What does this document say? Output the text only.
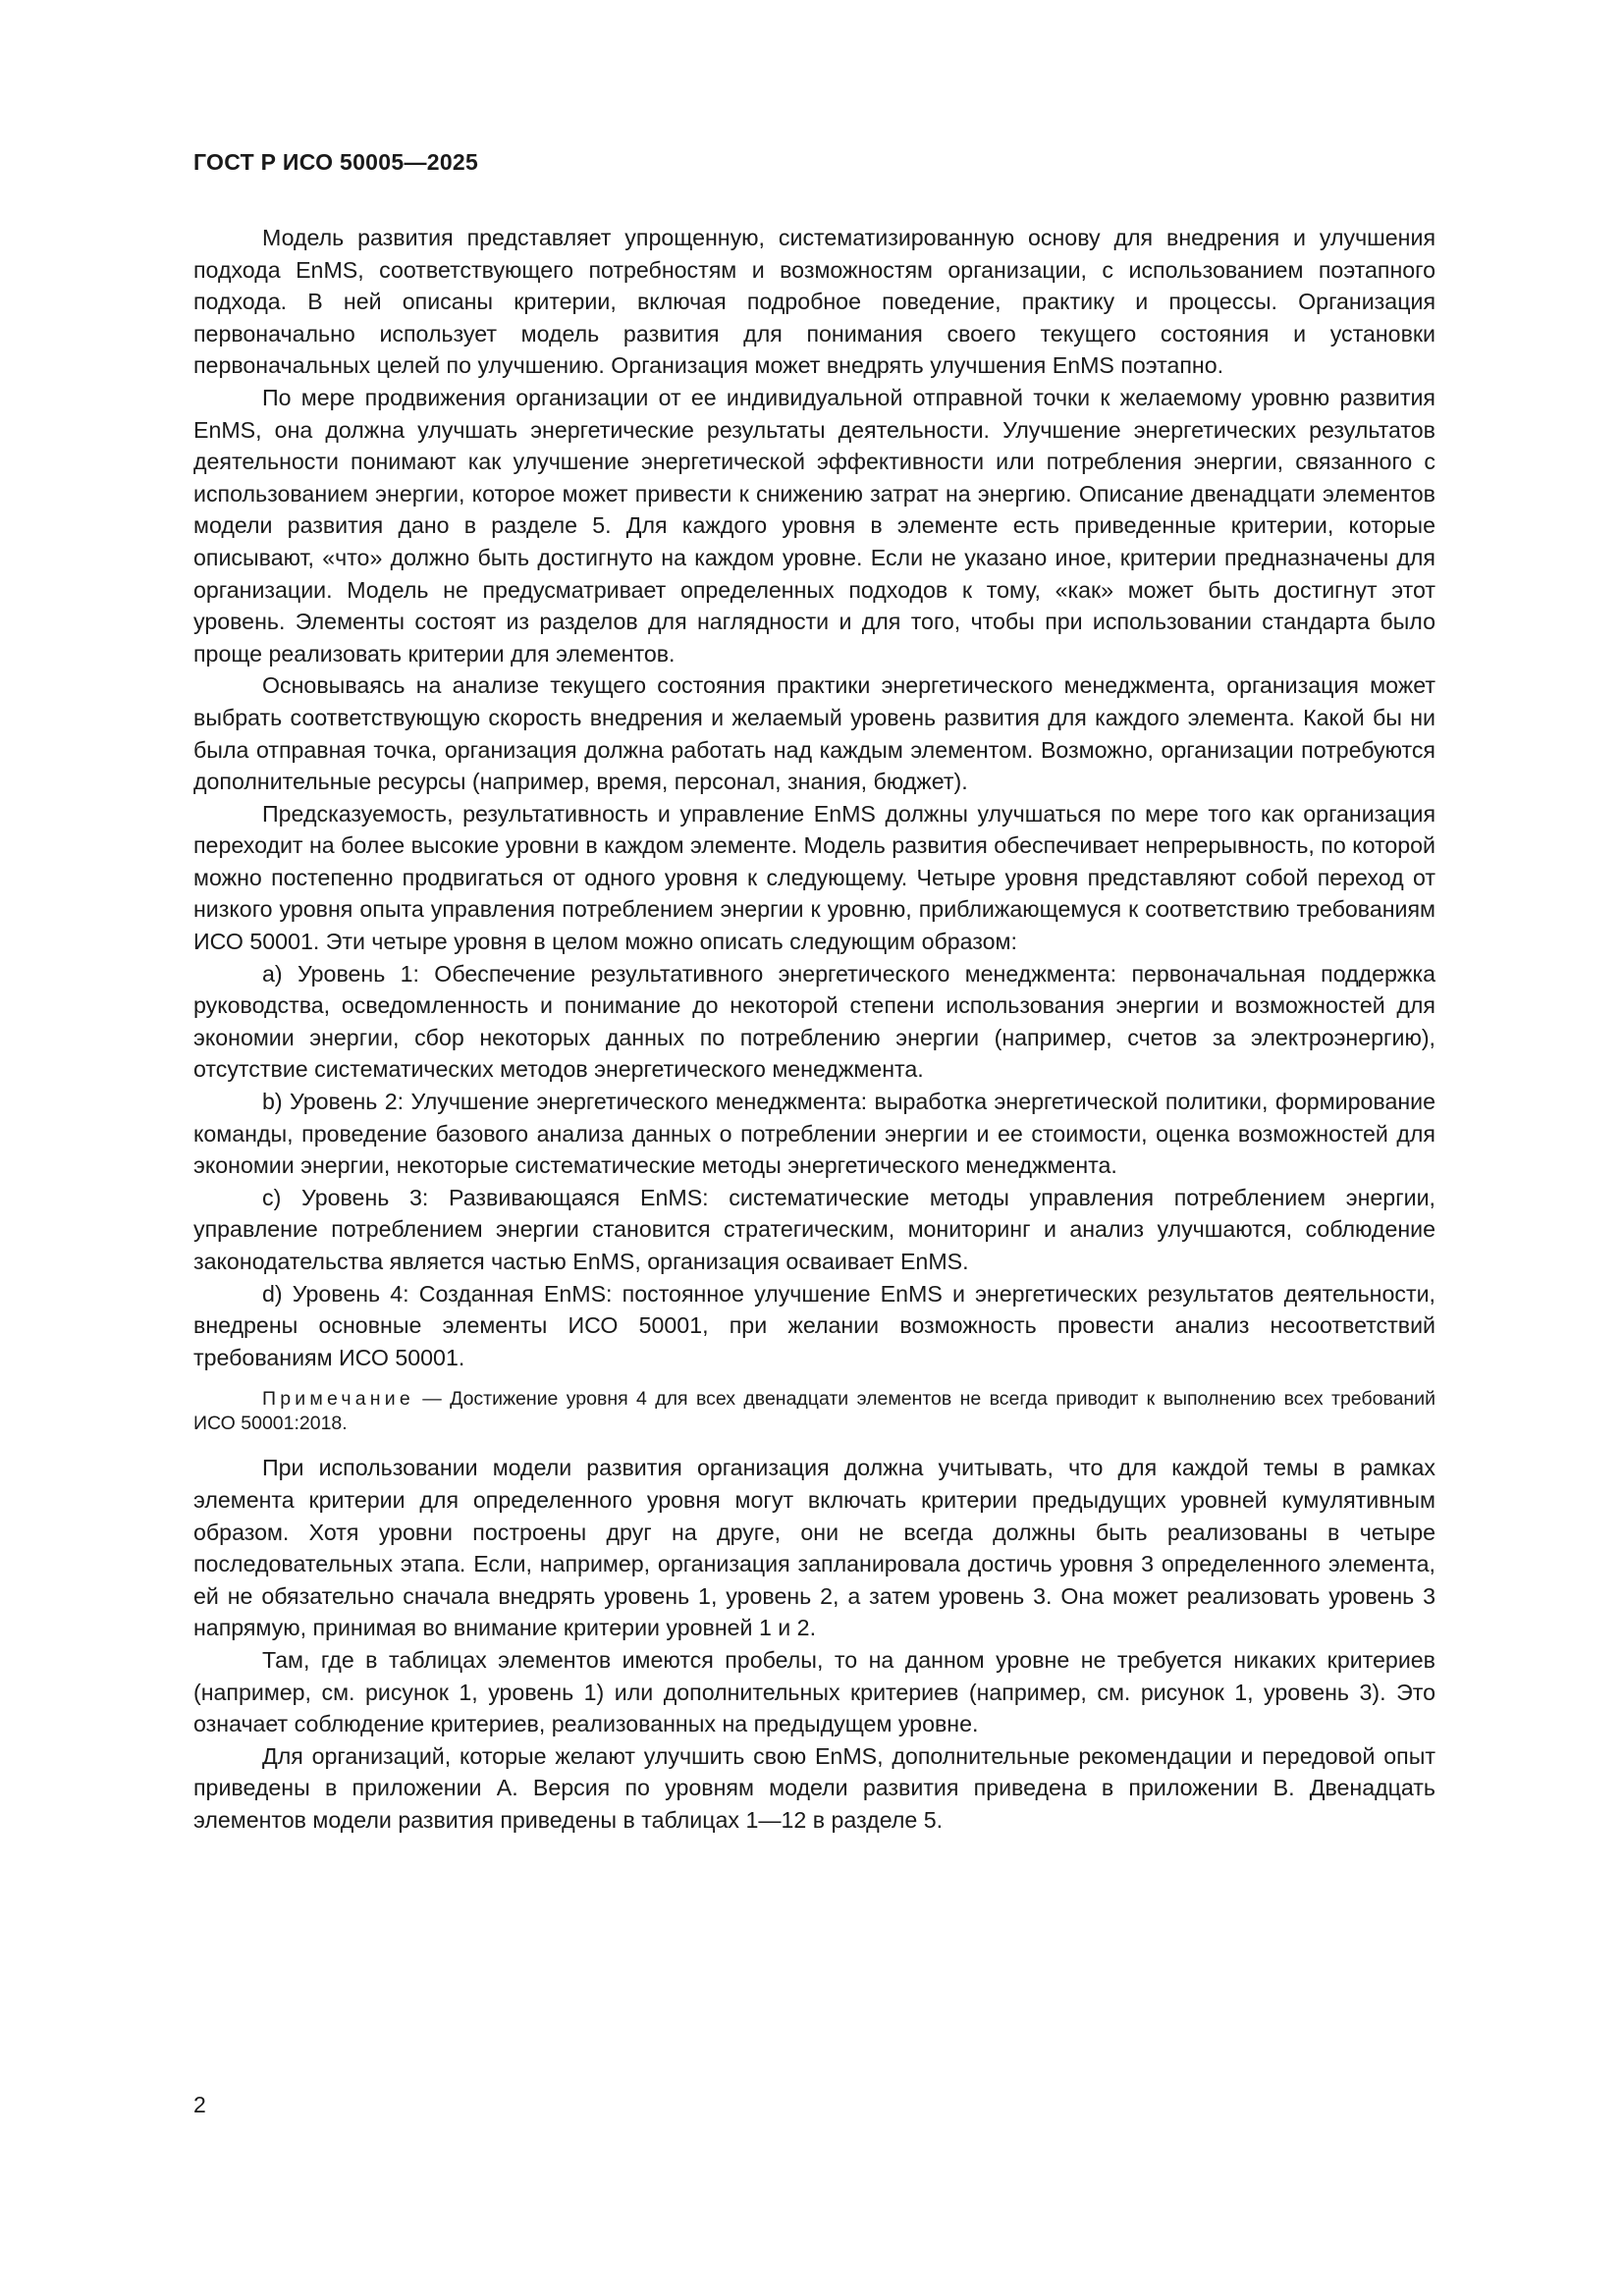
ГОСТ Р ИСО 50005—2025

Модель развития представляет упрощенную, систематизированную основу для внедрения и улучшения подхода EnMS, соответствующего потребностям и возможностям организации, с использованием поэтапного подхода. В ней описаны критерии, включая подробное поведение, практику и процессы. Организация первоначально использует модель развития для понимания своего текущего состояния и установки первоначальных целей по улучшению. Организация может внедрять улучшения EnMS поэтапно.

По мере продвижения организации от ее индивидуальной отправной точки к желаемому уровню развития EnMS, она должна улучшать энергетические результаты деятельности. Улучшение энергетических результатов деятельности понимают как улучшение энергетической эффективности или потребления энергии, связанного с использованием энергии, которое может привести к снижению затрат на энергию. Описание двенадцати элементов модели развития дано в разделе 5. Для каждого уровня в элементе есть приведенные критерии, которые описывают, «что» должно быть достигнуто на каждом уровне. Если не указано иное, критерии предназначены для организации. Модель не предусматривает определенных подходов к тому, «как» может быть достигнут этот уровень. Элементы состоят из разделов для наглядности и для того, чтобы при использовании стандарта было проще реализовать критерии для элементов.

Основываясь на анализе текущего состояния практики энергетического менеджмента, организация может выбрать соответствующую скорость внедрения и желаемый уровень развития для каждого элемента. Какой бы ни была отправная точка, организация должна работать над каждым элементом. Возможно, организации потребуются дополнительные ресурсы (например, время, персонал, знания, бюджет).

Предсказуемость, результативность и управление EnMS должны улучшаться по мере того как организация переходит на более высокие уровни в каждом элементе. Модель развития обеспечивает непрерывность, по которой можно постепенно продвигаться от одного уровня к следующему. Четыре уровня представляют собой переход от низкого уровня опыта управления потреблением энергии к уровню, приближающемуся к соответствию требованиям ИСО 50001. Эти четыре уровня в целом можно описать следующим образом:

a) Уровень 1: Обеспечение результативного энергетического менеджмента: первоначальная поддержка руководства, осведомленность и понимание до некоторой степени использования энергии и возможностей для экономии энергии, сбор некоторых данных по потреблению энергии (например, счетов за электроэнергию), отсутствие систематических методов энергетического менеджмента.

b) Уровень 2: Улучшение энергетического менеджмента: выработка энергетической политики, формирование команды, проведение базового анализа данных о потреблении энергии и ее стоимости, оценка возможностей для экономии энергии, некоторые систематические методы энергетического менеджмента.

c) Уровень 3: Развивающаяся EnMS: систематические методы управления потреблением энергии, управление потреблением энергии становится стратегическим, мониторинг и анализ улучшаются, соблюдение законодательства является частью EnMS, организация осваивает EnMS.

d) Уровень 4: Созданная EnMS: постоянное улучшение EnMS и энергетических результатов деятельности, внедрены основные элементы ИСО 50001, при желании возможность провести анализ несоответствий требованиям ИСО 50001.

Примечание — Достижение уровня 4 для всех двенадцати элементов не всегда приводит к выполнению всех требований ИСО 50001:2018.

При использовании модели развития организация должна учитывать, что для каждой темы в рамках элемента критерии для определенного уровня могут включать критерии предыдущих уровней кумулятивным образом. Хотя уровни построены друг на друге, они не всегда должны быть реализованы в четыре последовательных этапа. Если, например, организация запланировала достичь уровня 3 определенного элемента, ей не обязательно сначала внедрять уровень 1, уровень 2, а затем уровень 3. Она может реализовать уровень 3 напрямую, принимая во внимание критерии уровней 1 и 2.

Там, где в таблицах элементов имеются пробелы, то на данном уровне не требуется никаких критериев (например, см. рисунок 1, уровень 1) или дополнительных критериев (например, см. рисунок 1, уровень 3). Это означает соблюдение критериев, реализованных на предыдущем уровне.

Для организаций, которые желают улучшить свою EnMS, дополнительные рекомендации и передовой опыт приведены в приложении А. Версия по уровням модели развития приведена в приложении В. Двенадцать элементов модели развития приведены в таблицах 1—12 в разделе 5.

2
